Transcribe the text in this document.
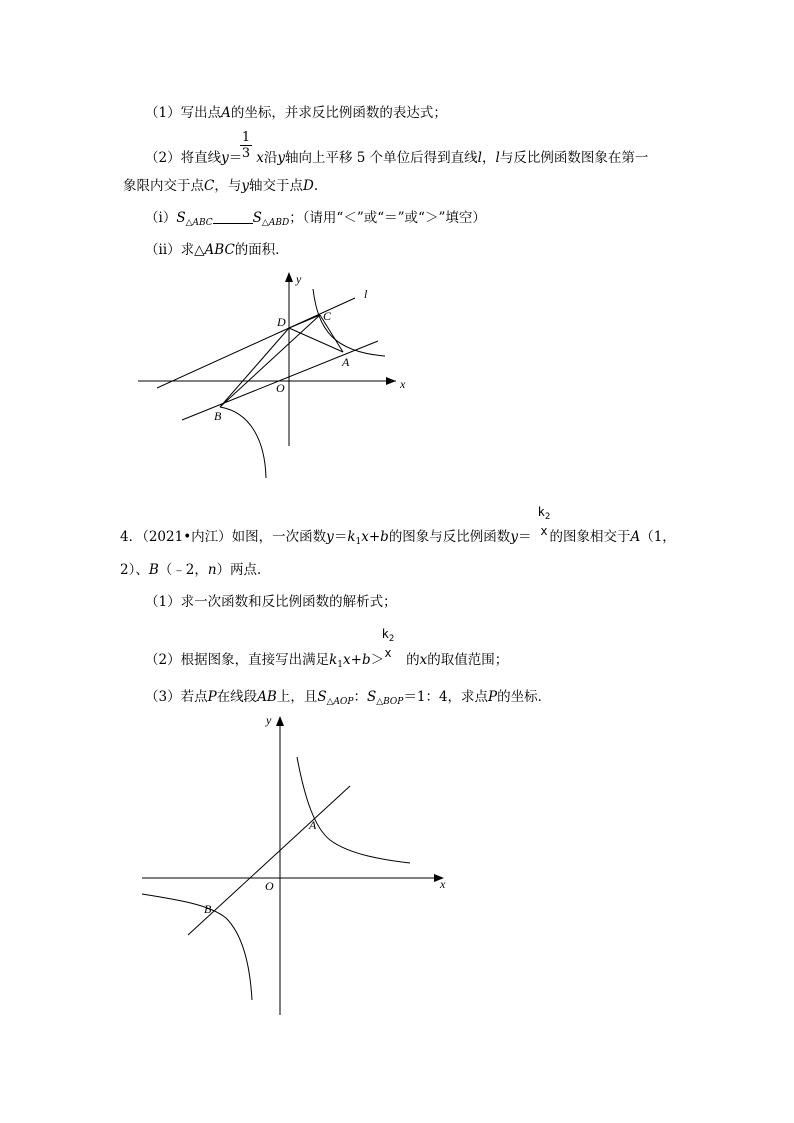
（1）写出点A的坐标，并求反比例函数的表达式；
（2）将直线y＝ x沿y轴向上平移 5 个单位后得到直线l，l与反比例函数图象在第一
1
3
象限内交于点C，与y轴交于点D.
$(ⅰ)S_{\triangle ABC}$	$S_{\triangle ABD}$；（请用“＜”或“＝”或“＞”填空）
（ⅱ）求△ABC的面积．
y
l
D	C
A
O	x
B
4．（2021•内江）如图，一次函数$y=k_1x+b$的图象与反比例函数y＝ 的图象相交于A（1，
$k_2$
x
2）、B（﹣2，n）两点．
（1）求一次函数和反比例函数的解析式；
（2）根据图象，直接写出满足$k_1x+b>$ 的x的取值范围；
$k_2$
x
（3）若点P在线段AB上，且$S_{\triangle AOP}$：$S_{\triangle BOP}=1$：4，求点P的坐标．
y
A
O	x
B
